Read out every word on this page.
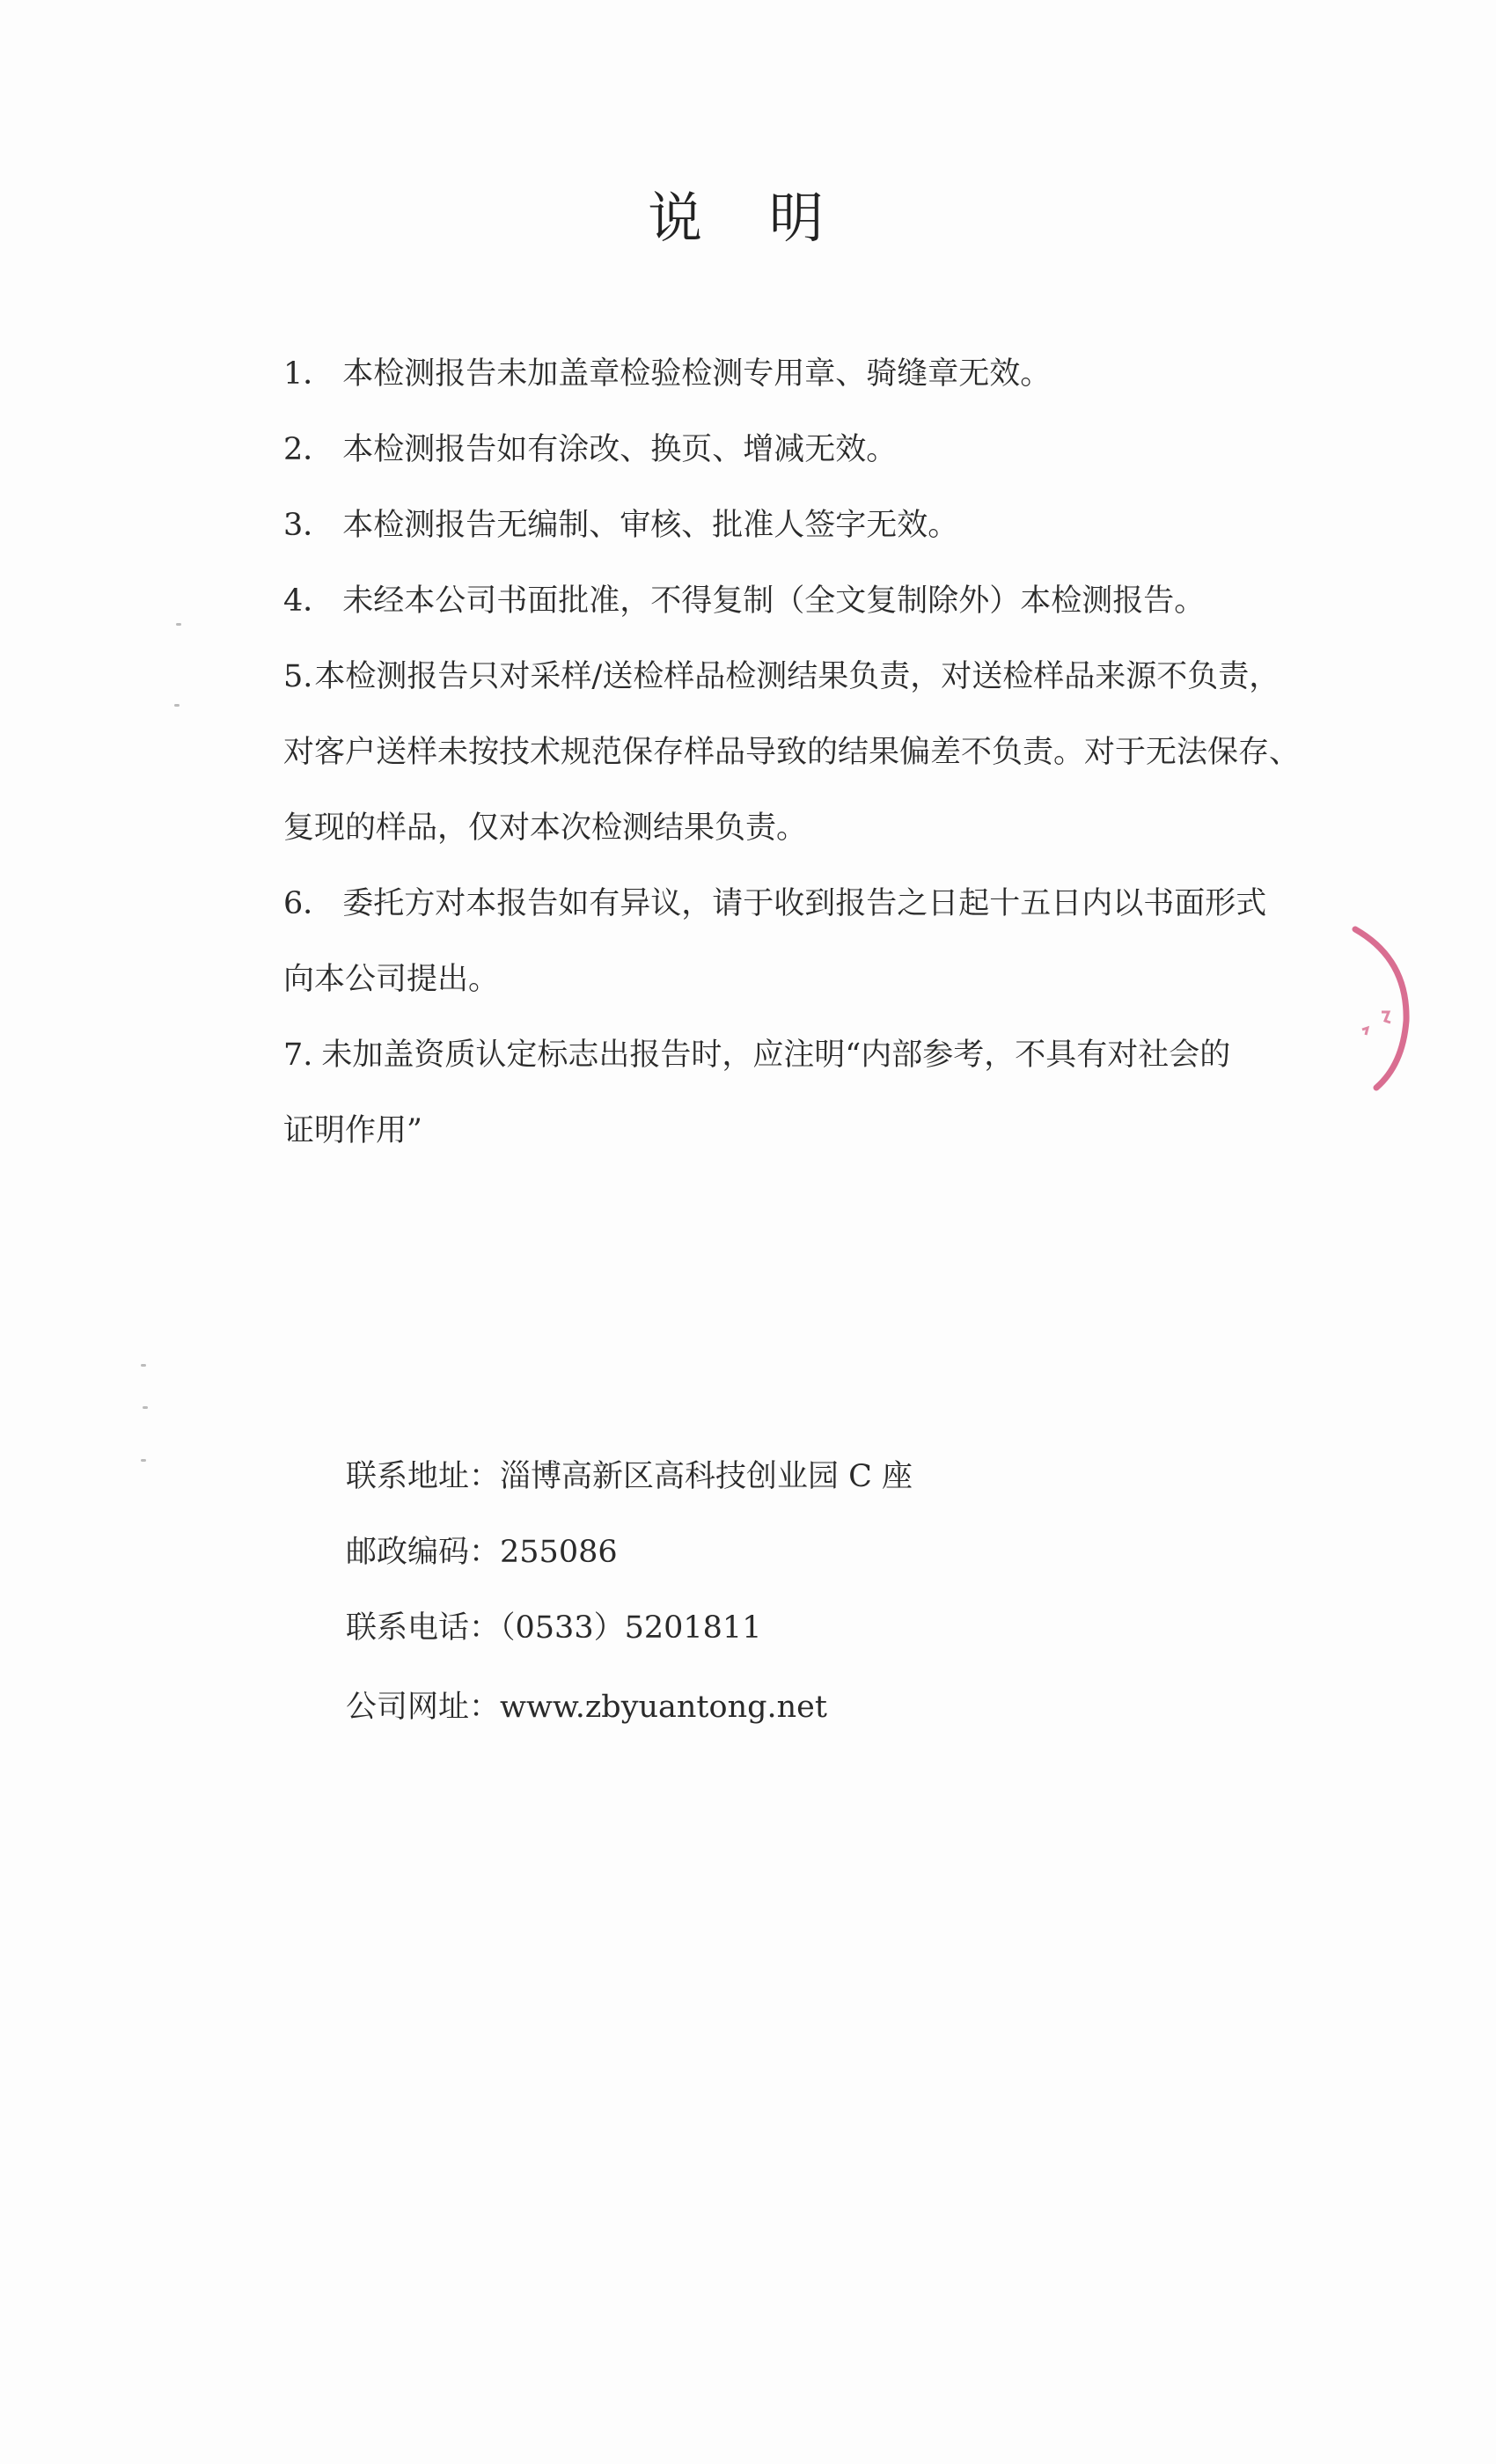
说 明

1． 本检测报告未加盖章检验检测专用章、骑缝章无效。

2． 本检测报告如有涂改、换页、增减无效。

3． 本检测报告无编制、审核、批准人签字无效。

4． 未经本公司书面批准，不得复制（全文复制除外）本检测报告。

5.本检测报告只对采样/送检样品检测结果负责，对送检样品来源不负责，
对客户送样未按技术规范保存样品导致的结果偏差不负责。对于无法保存、
复现的样品，仅对本次检测结果负责。

6． 委托方对本报告如有异议，请于收到报告之日起十五日内以书面形式
向本公司提出。

7. 未加盖资质认定标志出报告时，应注明“内部参考，不具有对社会的
证明作用”

联系地址：淄博高新区高科技创业园 C 座

邮政编码：255086

联系电话：（0533）5201811

公司网址：www.zbyuantong.net
